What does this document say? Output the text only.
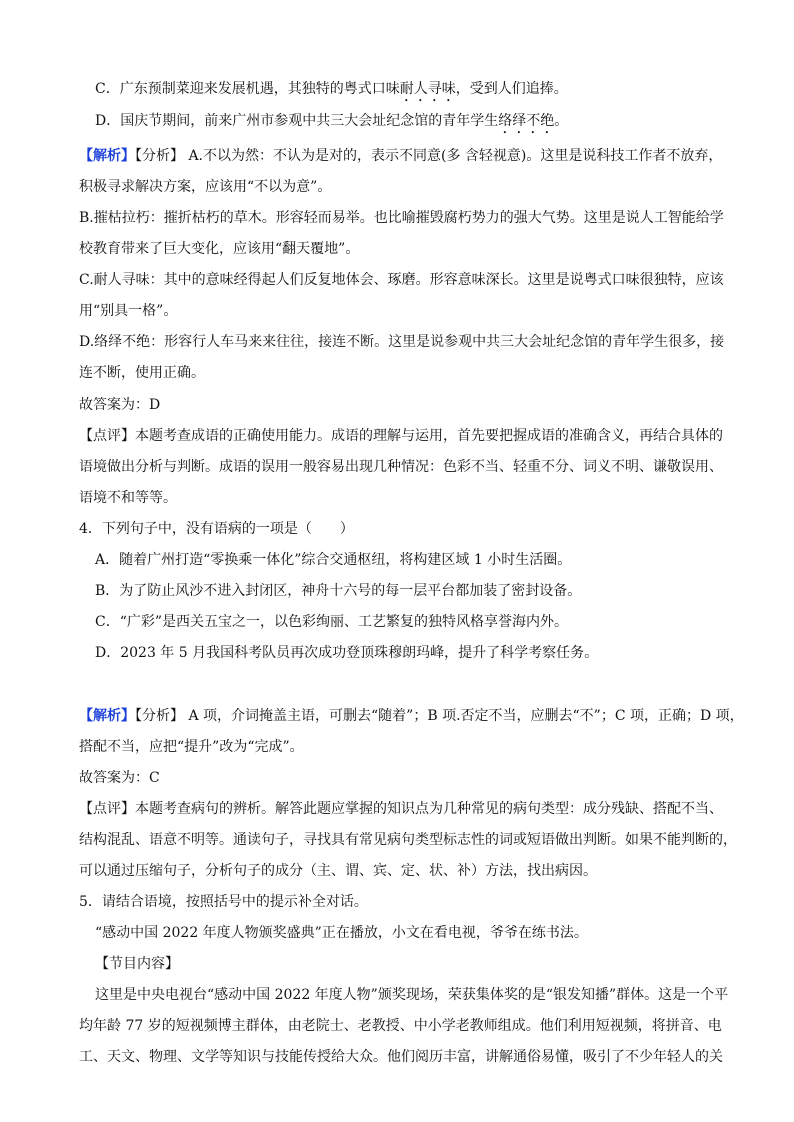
C．广东预制菜迎来发展机遇，其独特的粤式口味耐人寻味，受到人们追捧。
D．国庆节期间，前来广州市参观中共三大会址纪念馆的青年学生络绎不绝。
【解析】【分析】 A.不以为然：不认为是对的，表示不同意(多 含轻视意)。这里是说科技工作者不放弃，
积极寻求解决方案，应该用“不以为意”。
B.摧枯拉朽：摧折枯朽的草木。形容轻而易举。也比喻摧毁腐朽势力的强大气势。这里是说人工智能给学
校教育带来了巨大变化，应该用“翻天覆地”。
C.耐人寻味：其中的意味经得起人们反复地体会、琢磨。形容意味深长。这里是说粤式口味很独特，应该
用“别具一格”。
D.络绎不绝：形容行人车马来来往往，接连不断。这里是说参观中共三大会址纪念馆的青年学生很多，接
连不断，使用正确。
故答案为：D
【点评】本题考查成语的正确使用能力。成语的理解与运用，首先要把握成语的准确含义，再结合具体的
语境做出分析与判断。成语的误用一般容易出现几种情况：色彩不当、轻重不分、词义不明、谦敬误用、
语境不和等等。
4．下列句子中，没有语病的一项是（　　）
A．随着广州打造“零换乘一体化”综合交通枢纽，将构建区域 1 小时生活圈。
B．为了防止风沙不进入封闭区，神舟十六号的每一层平台都加装了密封设备。
C．“广彩”是西关五宝之一，以色彩绚丽、工艺繁复的独特风格享誉海内外。
D．2023 年 5 月我国科考队员再次成功登顶珠穆朗玛峰，提升了科学考察任务。
【解析】【分析】 A 项，介词掩盖主语，可删去“随着”；B 项.否定不当，应删去“不”；C 项，正确；D 项，
搭配不当，应把“提升”改为“完成”。
故答案为：C
【点评】本题考查病句的辨析。解答此题应掌握的知识点为几种常见的病句类型：成分残缺、搭配不当、
结构混乱、语意不明等。通读句子，寻找具有常见病句类型标志性的词或短语做出判断。如果不能判断的，
可以通过压缩句子，分析句子的成分（主、谓、宾、定、状、补）方法，找出病因。
5．请结合语境，按照括号中的提示补全对话。
“感动中国 2022 年度人物颁奖盛典”正在播放，小文在看电视，爷爷在练书法。
【节目内容】
这里是中央电视台“感动中国 2022 年度人物”颁奖现场，荣获集体奖的是“银发知播”群体。这是一个平
均年龄 77 岁的短视频博主群体，由老院士、老教授、中小学老教师组成。他们利用短视频，将拼音、电
工、天文、物理、文学等知识与技能传授给大众。他们阅历丰富，讲解通俗易懂，吸引了不少年轻人的关
